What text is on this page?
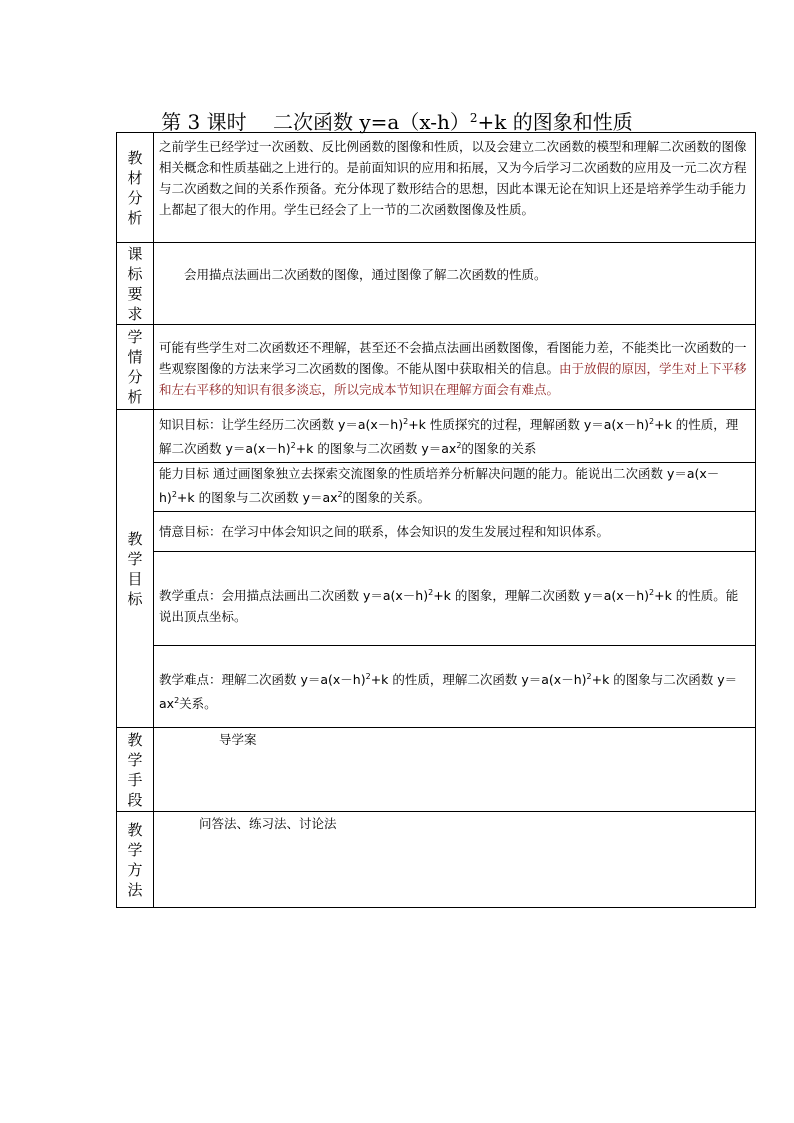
第 3 课时　 二次函数 $y=a(x-h)^2+k$ 的图象和性质
教材分析	之前学生已经学过一次函数、反比例函数的图像和性质，以及会建立二次函数的模型和理解二次函数的图像相关概念和性质基础之上进行的。是前面知识的应用和拓展，又为今后学习二次函数的应用及一元二次方程与二次函数之间的关系作预备。充分体现了数形结合的思想，因此本课无论在知识上还是培养学生动手能力上都起了很大的作用。学生已经会了上一节的二次函数图像及性质。

课标要求	会用描点法画出二次函数的图像，通过图像了解二次函数的性质。

学情分析	可能有些学生对二次函数还不理解，甚至还不会描点法画出函数图像，看图能力差，不能类比一次函数的一些观察图像的方法来学习二次函数的图像。不能从图中获取相关的信息。由于放假的原因，学生对上下平移和左右平移的知识有很多淡忘，所以完成本节知识在理解方面会有难点。

教学目标	知识目标：让学生经历二次函数 $y=a(x-h)^2+k$ 性质探究的过程，理解函数 $y=a(x-h)^2+k$ 的性质，理解二次函数 $y=a(x-h)^2+k$ 的图象与二次函数 $y=ax^2$的图象的关系

	能力目标 通过画图象独立去探索交流图象的性质培养分析解决问题的能力。能说出二次函数 $y=a(x-h)^2+k$ 的图象与二次函数 $y=ax^2$的图象的关系。

	情意目标：在学习中体会知识之间的联系，体会知识的发生发展过程和知识体系。

	教学重点：会用描点法画出二次函数 $y=a(x-h)^2+k$ 的图象，理解二次函数 $y=a(x-h)^2+k$ 的性质。能说出顶点坐标。

	教学难点：理解二次函数 $y=a(x-h)^2+k$ 的性质，理解二次函数 $y=a(x-h)^2+k$ 的图象与二次函数 $y=ax^2$关系。

教学手段	导学案

教学方法	问答法、练习法、讨论法
